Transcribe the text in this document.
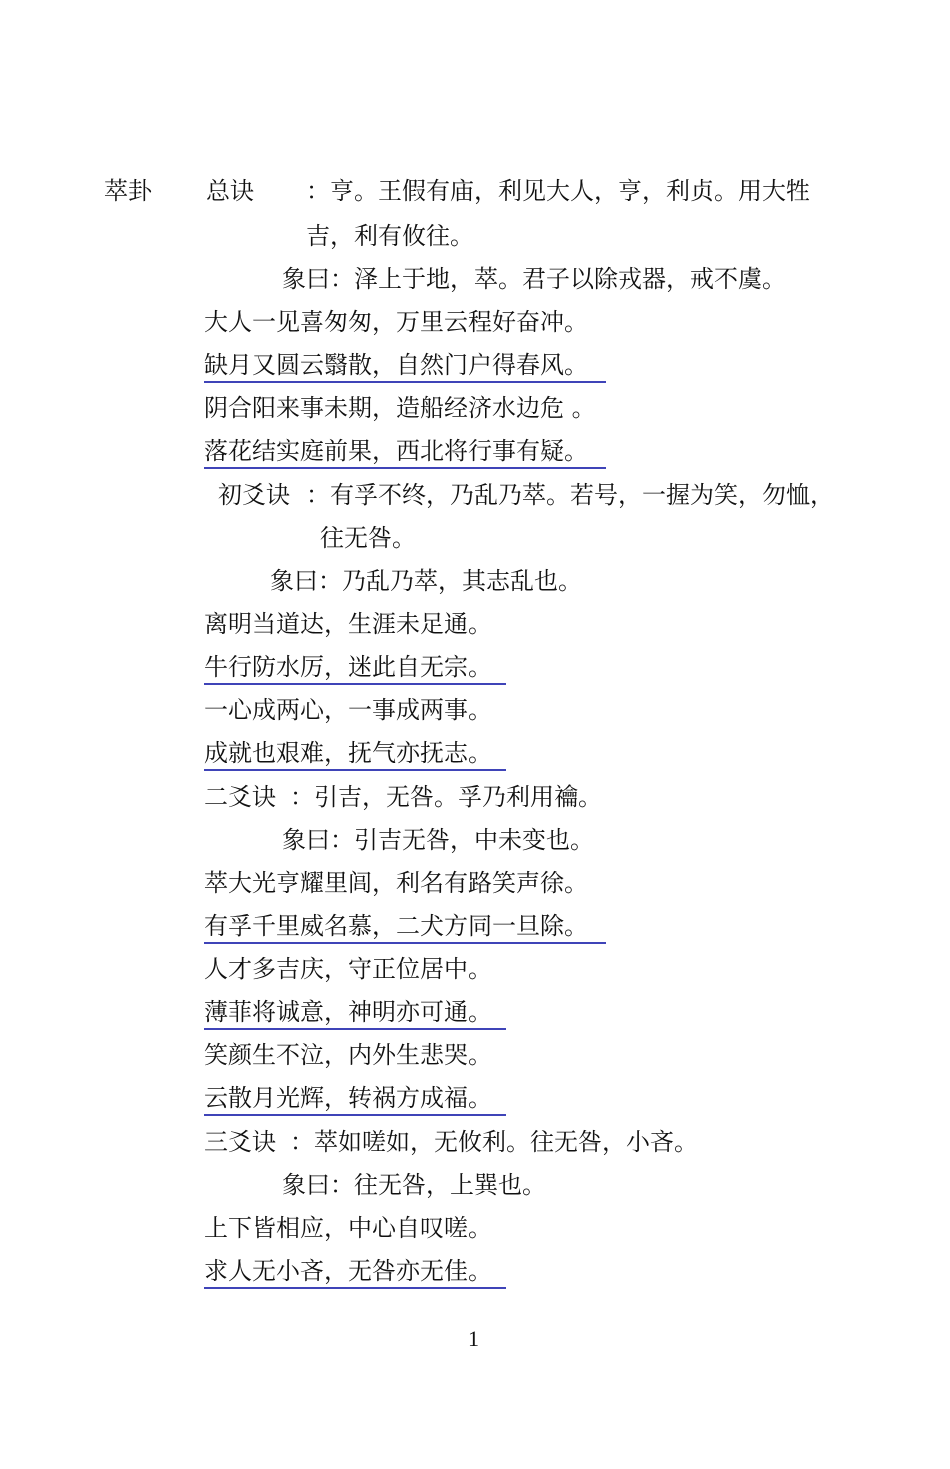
萃卦 总诀 ：亨。王假有庙，利见大人，亨，利贞。用大牲
吉，利有攸往。
象曰：泽上于地，萃。君子以除戎器，戒不虞。
大人一见喜匆匆，万里云程好奋冲。
缺月又圆云翳散，自然门户得春风。
阴合阳来事未期，造船经济水边危 。
落花结实庭前果，西北将行事有疑。
初爻诀 ：有孚不终，乃乱乃萃。若号，一握为笑，勿恤，
往无咎。
象曰：乃乱乃萃，其志乱也。
离明当道达，生涯未足通。
牛行防水厉，迷此自无宗。
一心成两心，一事成两事。
成就也艰难，抚气亦抚志。
二爻诀 ：引吉，无咎。孚乃利用禴。
象曰：引吉无咎，中未变也。
萃大光亨耀里闾，利名有路笑声徐。
有孚千里威名慕，二犬方同一旦除。
人才多吉庆，守正位居中。
薄菲将诚意，神明亦可通。
笑颜生不泣，内外生悲哭。
云散月光辉，转祸方成福。
三爻诀 ：萃如嗟如，无攸利。往无咎，小吝。
象曰：往无咎，上巽也。
上下皆相应，中心自叹嗟。
求人无小吝，无咎亦无佳。
1
